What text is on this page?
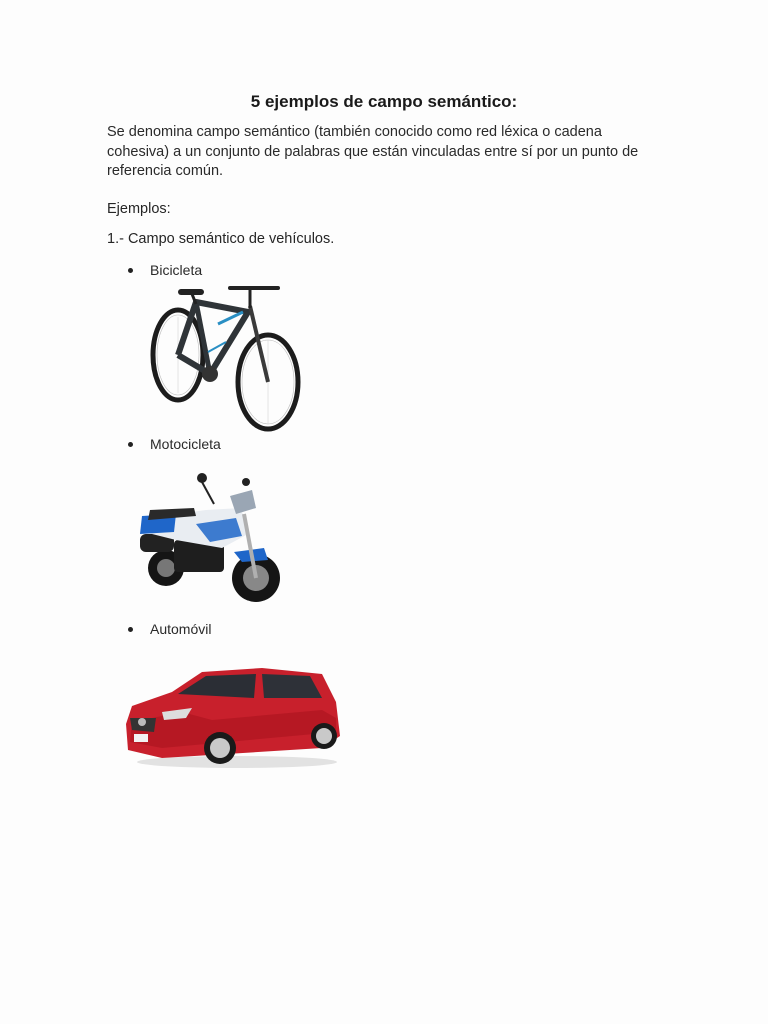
5 ejemplos de campo semántico:
Se denomina campo semántico (también conocido como red léxica o cadena cohesiva) a un conjunto de palabras que están vinculadas entre sí por un punto de referencia común.
Ejemplos:
1.- Campo semántico de vehículos.
Bicicleta
Motocicleta
Automóvil
